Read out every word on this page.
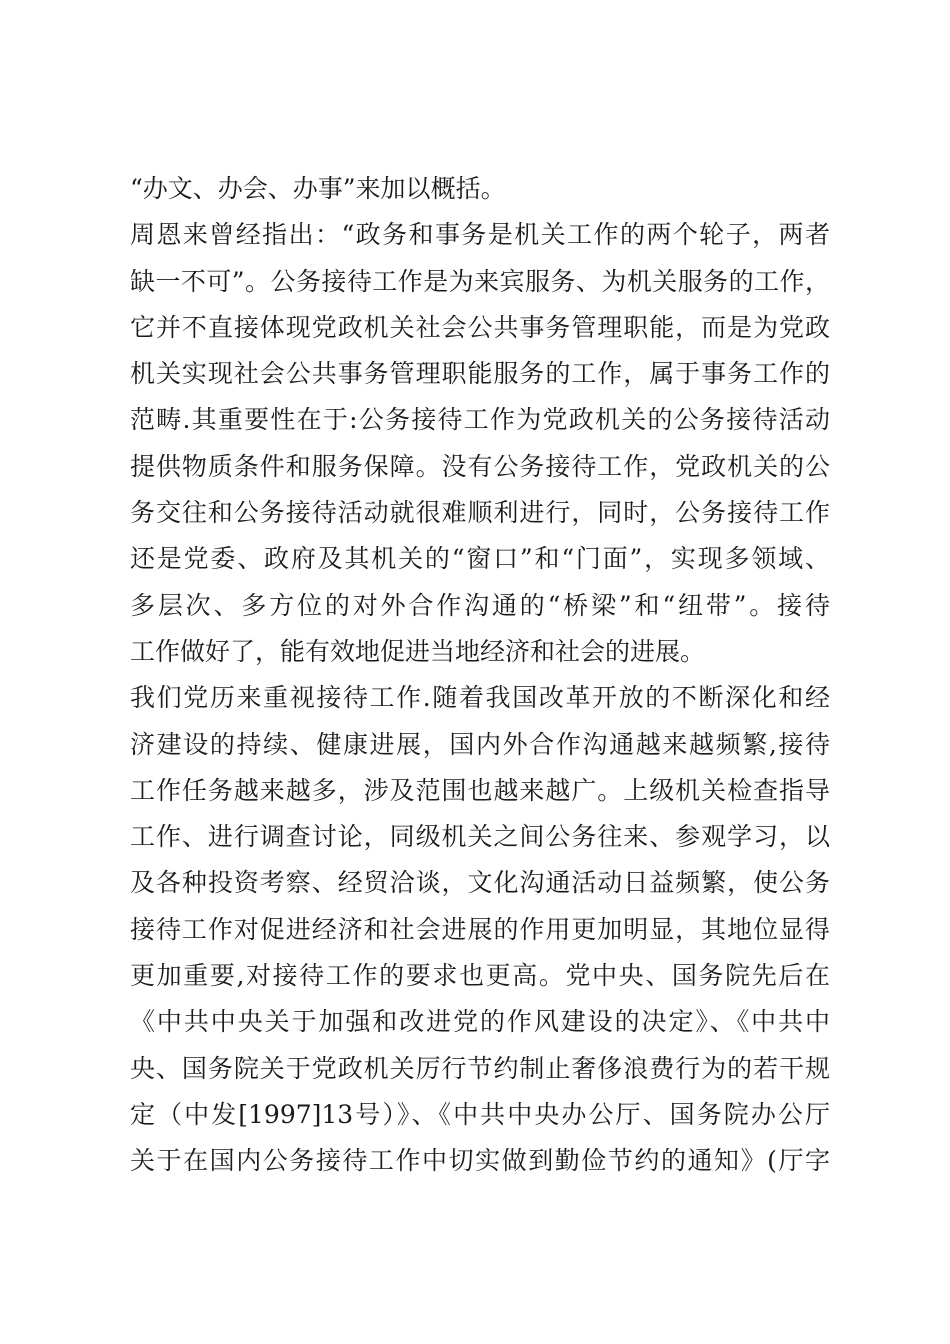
“办文、办会、办事”来加以概括。
周恩来曾经指出：“政务和事务是机关工作的两个轮子，两者
缺一不可”。公务接待工作是为来宾服务、为机关服务的工作，
它并不直接体现党政机关社会公共事务管理职能，而是为党政
机关实现社会公共事务管理职能服务的工作，属于事务工作的
范畴.其重要性在于:公务接待工作为党政机关的公务接待活动
提供物质条件和服务保障。没有公务接待工作，党政机关的公
务交往和公务接待活动就很难顺利进行，同时，公务接待工作
还是党委、政府及其机关的“窗口”和“门面”，实现多领域、
多层次、多方位的对外合作沟通的“桥梁”和“纽带”。接待
工作做好了，能有效地促进当地经济和社会的进展。
我们党历来重视接待工作.随着我国改革开放的不断深化和经
济建设的持续、健康进展，国内外合作沟通越来越频繁,接待
工作任务越来越多，涉及范围也越来越广。上级机关检查指导
工作、进行调查讨论，同级机关之间公务往来、参观学习，以
及各种投资考察、经贸洽谈，文化沟通活动日益频繁，使公务
接待工作对促进经济和社会进展的作用更加明显，其地位显得
更加重要,对接待工作的要求也更高。党中央、国务院先后在
《中共中央关于加强和改进党的作风建设的决定》、《中共中
央、国务院关于党政机关厉行节约制止奢侈浪费行为的若干规
定（中发[1997]13号）》、《中共中央办公厅、国务院办公厅
关于在国内公务接待工作中切实做到勤俭节约的通知》(厅字
